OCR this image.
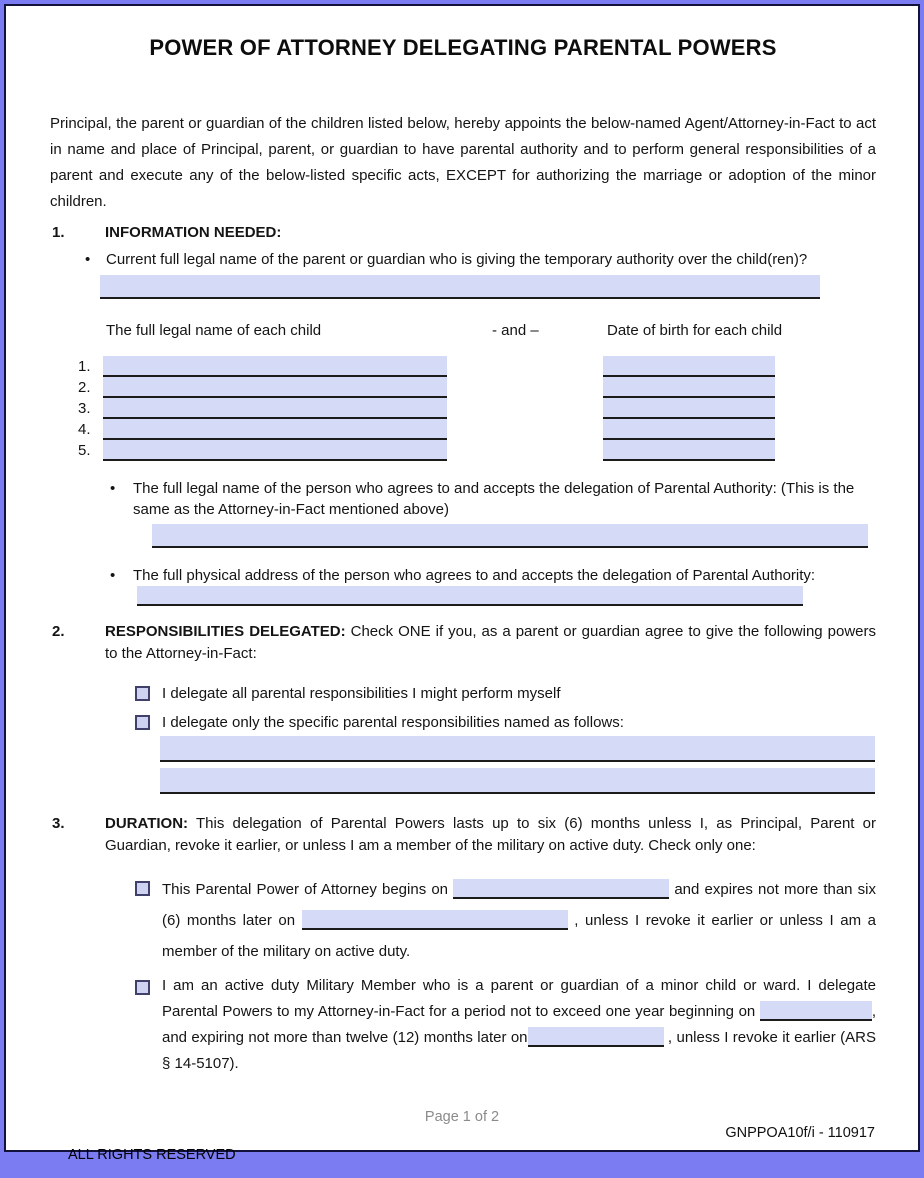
POWER OF ATTORNEY DELEGATING PARENTAL POWERS

Principal, the parent or guardian of the children listed below, hereby appoints the below-named Agent/Attorney-in-Fact to act in name and place of Principal, parent, or guardian to have parental authority and to perform general responsibilities of a parent and execute any of the below-listed specific acts, EXCEPT for authorizing the marriage or adoption of the minor children.

1.	INFORMATION NEEDED:
•	Current full legal name of the parent or guardian who is giving the temporary authority over the child(ren)?
The full legal name of each child	- and –	Date of birth for each child
1.
2.
3.
4.
5.
•	The full legal name of the person who agrees to and accepts the delegation of Parental Authority: (This is the same as the Attorney-in-Fact mentioned above)
•	The full physical address of the person who agrees to and accepts the delegation of Parental Authority:
2.	RESPONSIBILITIES DELEGATED: Check ONE if you, as a parent or guardian agree to give the following powers to the Attorney-in-Fact:
I delegate all parental responsibilities I might perform myself
I delegate only the specific parental responsibilities named as follows:
3.	DURATION: This delegation of Parental Powers lasts up to six (6) months unless I, as Principal, Parent or Guardian, revoke it earlier, or unless I am a member of the military on active duty. Check only one:
This Parental Power of Attorney begins on	and expires not more than six (6) months later on	, unless I revoke it earlier or unless I am a member of the military on active duty.
I am an active duty Military Member who is a parent or guardian of a minor child or ward. I delegate Parental Powers to my Attorney-in-Fact for a period not to exceed one year beginning on	, and expiring not more than twelve (12) months later on	, unless I revoke it earlier (ARS § 14-5107).
Page 1 of 2
GNPPOA10f/i - 110917
ALL RIGHTS RESERVED
